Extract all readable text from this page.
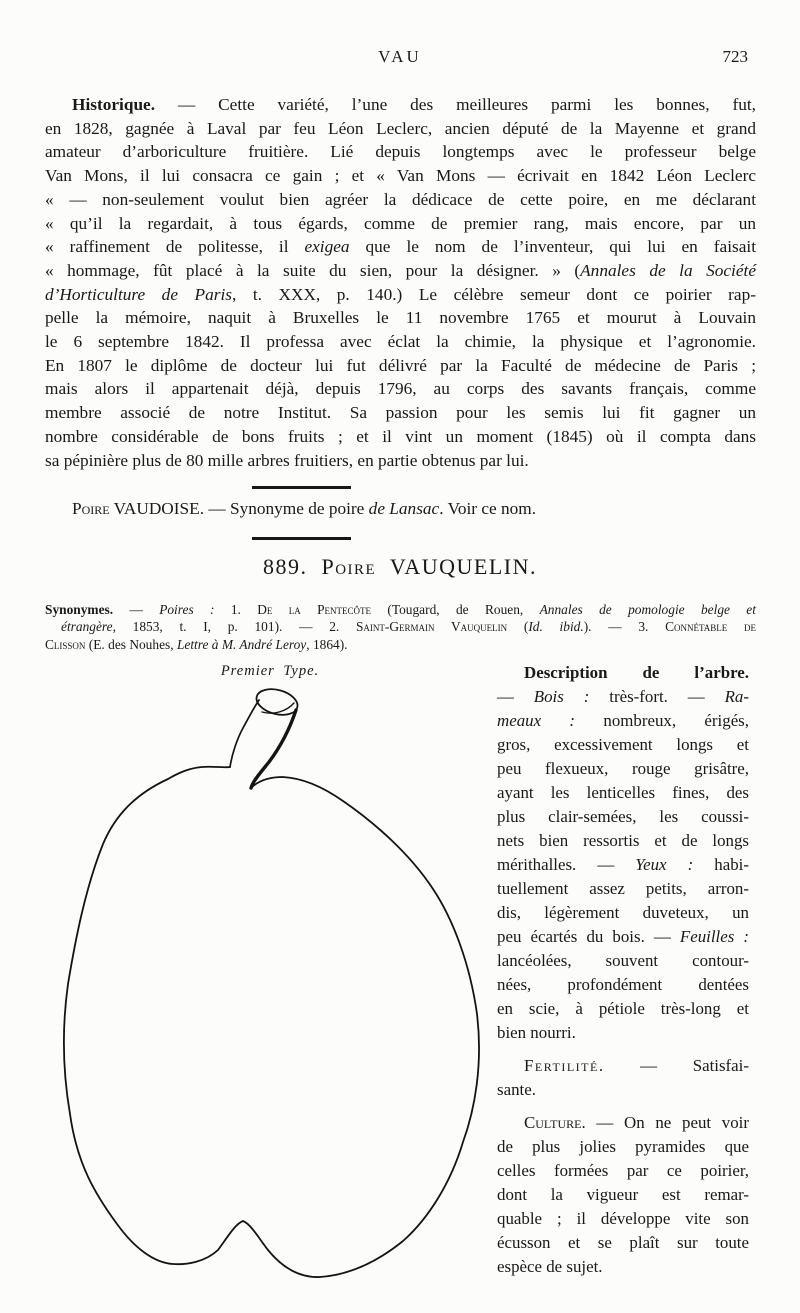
VAU	723
Historique. — Cette variété, l’une des meilleures parmi les bonnes, fut,
en 1828, gagnée à Laval par feu Léon Leclerc, ancien député de la Mayenne et grand
amateur d’arboriculture fruitière. Lié depuis longtemps avec le professeur belge
Van Mons, il lui consacra ce gain ; et « Van Mons — écrivait en 1842 Léon Leclerc
« — non-seulement voulut bien agréer la dédicace de cette poire, en me déclarant
« qu’il la regardait, à tous égards, comme de premier rang, mais encore, par un
« raffinement de politesse, il exigea que le nom de l’inventeur, qui lui en faisait
« hommage, fût placé à la suite du sien, pour la désigner. » (Annales de la Société
d’Horticulture de Paris, t. XXX, p. 140.) Le célèbre semeur dont ce poirier rap-
pelle la mémoire, naquit à Bruxelles le 11 novembre 1765 et mourut à Louvain
le 6 septembre 1842. Il professa avec éclat la chimie, la physique et l’agronomie.
En 1807 le diplôme de docteur lui fut délivré par la Faculté de médecine de Paris ;
mais alors il appartenait déjà, depuis 1796, au corps des savants français, comme
membre associé de notre Institut. Sa passion pour les semis lui fit gagner un
nombre considérable de bons fruits ; et il vint un moment (1845) où il compta dans
sa pépinière plus de 80 mille arbres fruitiers, en partie obtenus par lui.
Poire VAUDOISE. — Synonyme de poire de Lansac. Voir ce nom.
889. Poire VAUQUELIN.
Synonymes. — Poires : 1. De la Pentecôte (Tougard, de Rouen, Annales de pomologie belge et
étrangère, 1853, t. I, p. 101). — 2. Saint-Germain Vauquelin (Id. ibid.). — 3. Connétable de
Clisson (E. des Nouhes, Lettre à M. André Leroy, 1864).
Premier Type.	Description de l’arbre.
— Bois : très-fort. — Ra-
meaux : nombreux, érigés,
gros, excessivement longs et
peu flexueux, rouge grisâtre,
ayant les lenticelles fines, des
plus clair-semées, les coussi-
nets bien ressortis et de longs
mérithalles. — Yeux : habi-
tuellement assez petits, arron-
dis, légèrement duveteux, un
peu écartés du bois. — Feuilles :
lancéolées, souvent contour-
nées, profondément dentées
en scie, à pétiole très-long et
bien nourri.
Fertilité. — Satisfai-
sante.
Culture. — On ne peut voir
de plus jolies pyramides que
celles formées par ce poirier,
dont la vigueur est remar-
quable ; il développe vite son
écusson et se plaît sur toute
espèce de sujet.
